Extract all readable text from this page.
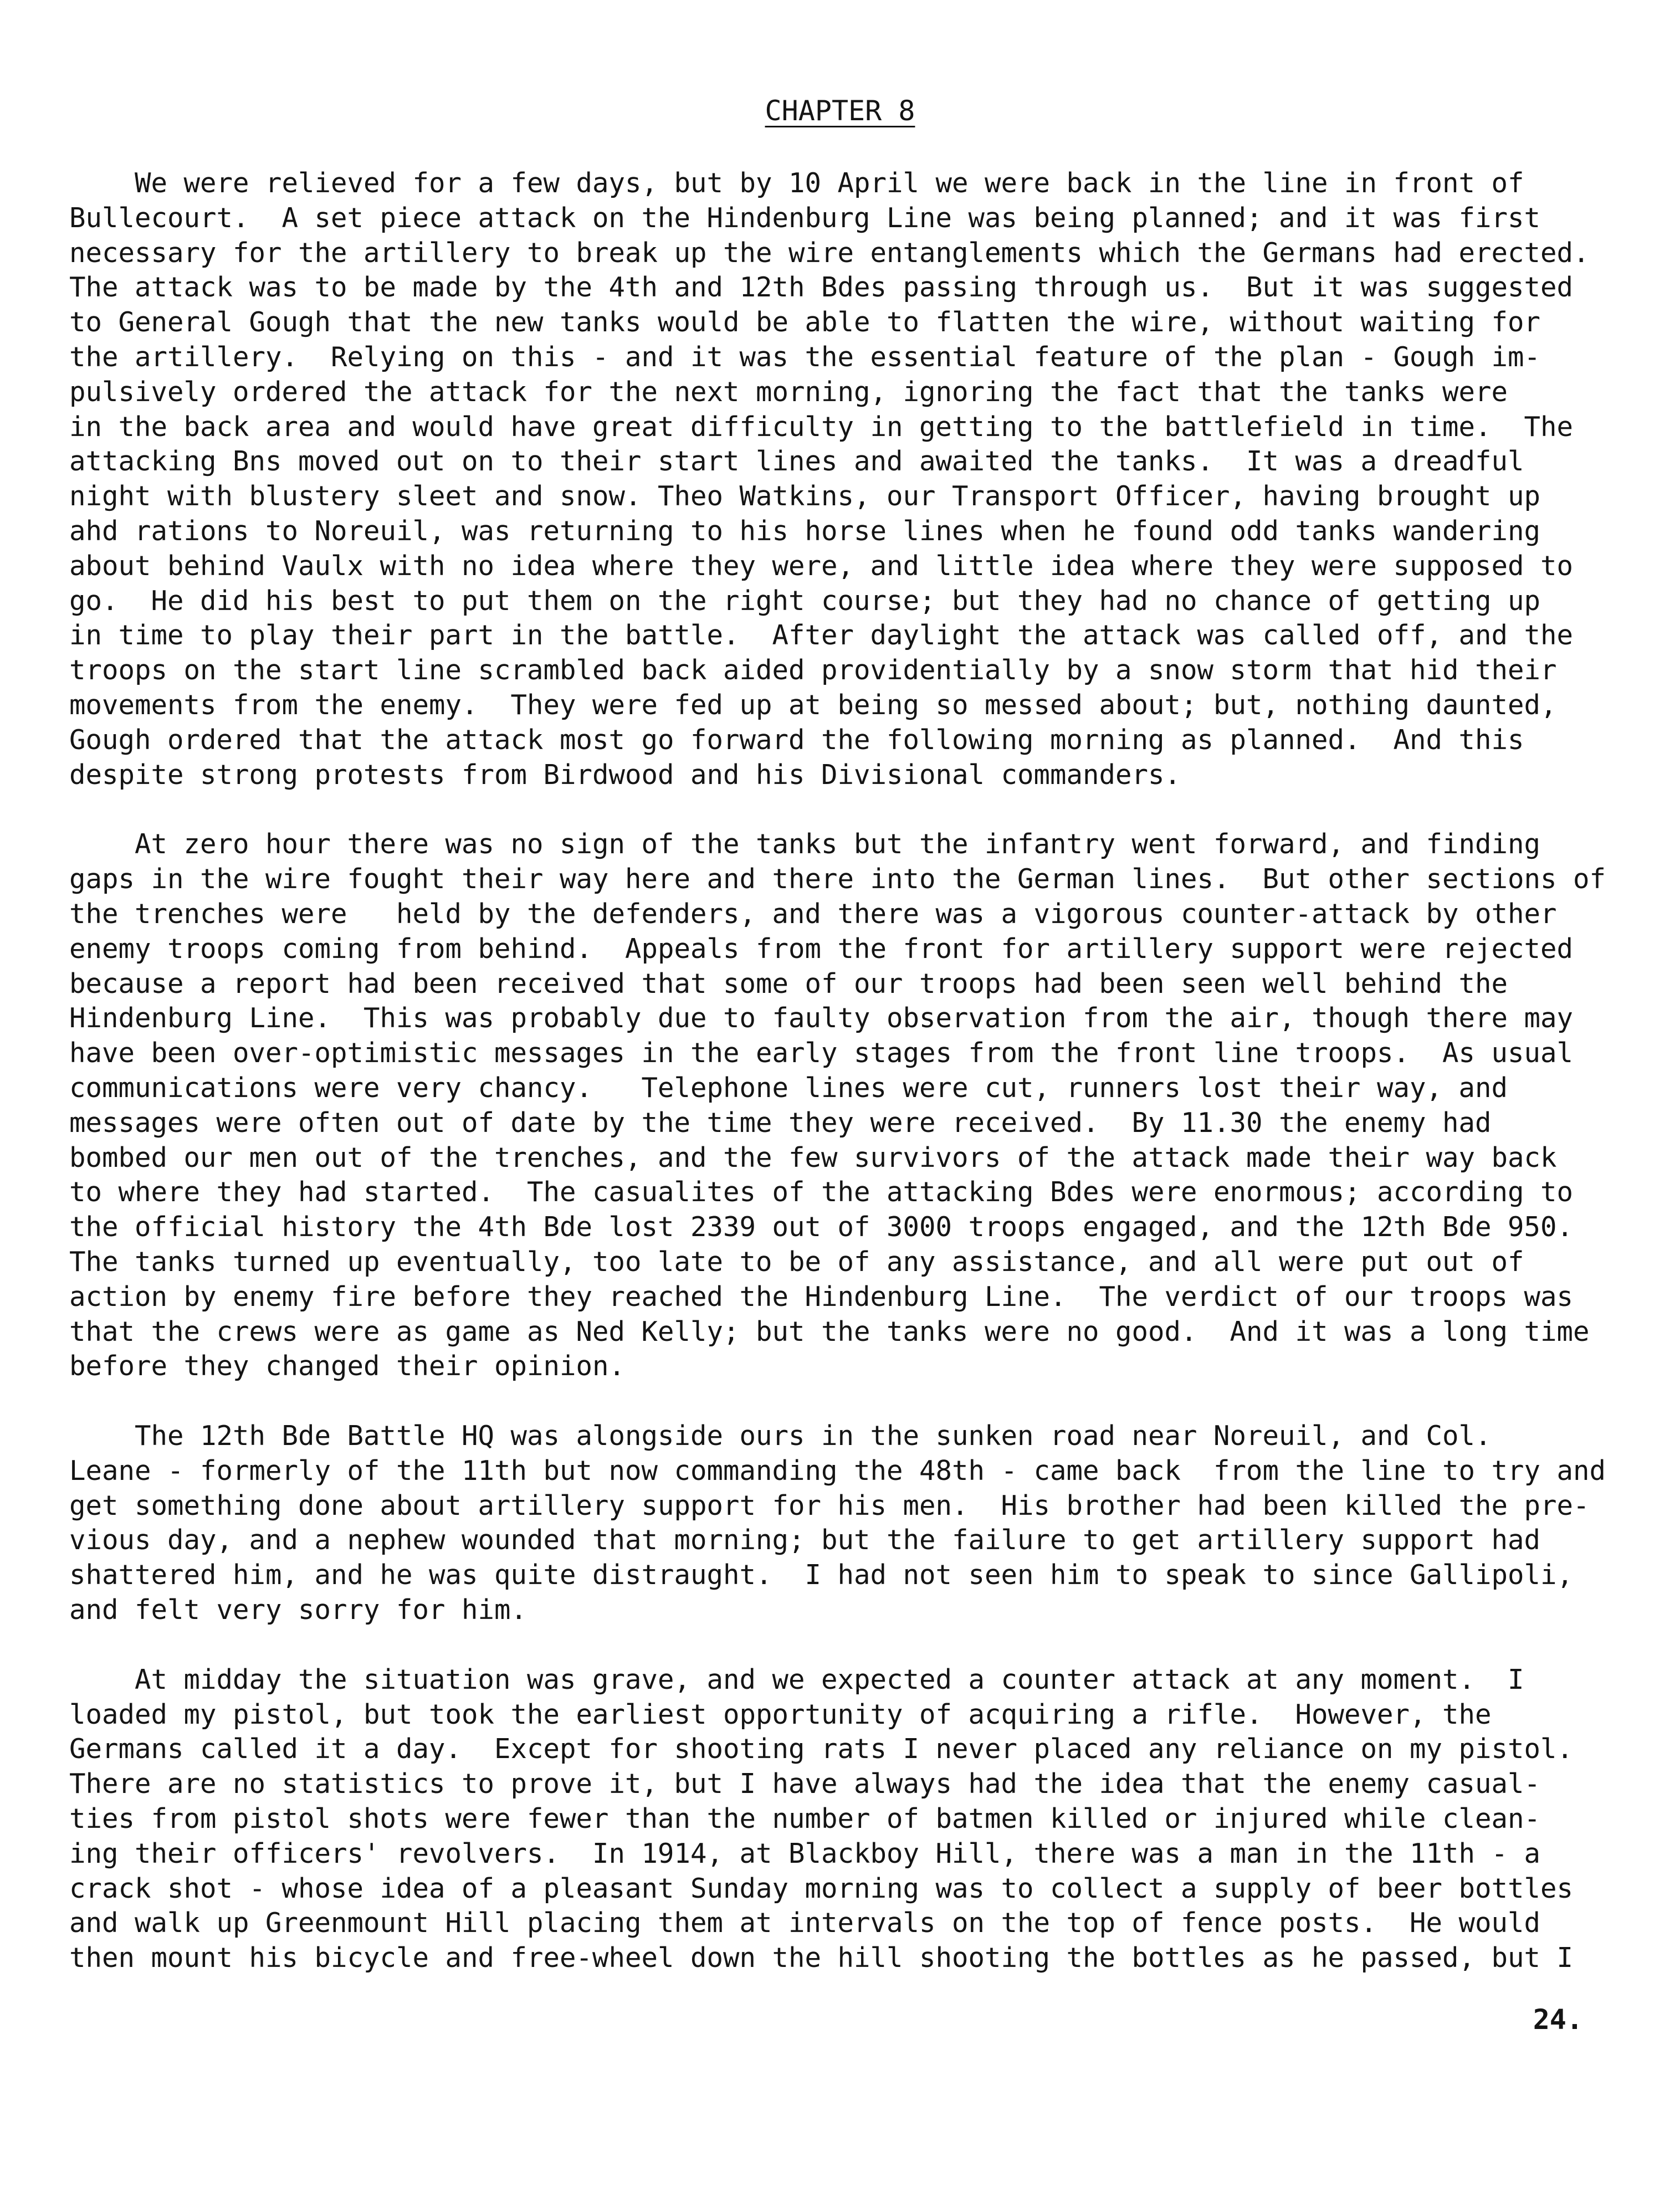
CHAPTER 8
We were relieved for a few days, but by 10 April we were back in the line in front of
Bullecourt.  A set piece attack on the Hindenburg Line was being planned; and it was first
necessary for the artillery to break up the wire entanglements which the Germans had erected.
The attack was to be made by the 4th and 12th Bdes passing through us.  But it was suggested
to General Gough that the new tanks would be able to flatten the wire, without waiting for
the artillery.  Relying on this - and it was the essential feature of the plan - Gough im-
pulsively ordered the attack for the next morning, ignoring the fact that the tanks were
in the back area and would have great difficulty in getting to the battlefield in time.  The
attacking Bns moved out on to their start lines and awaited the tanks.  It was a dreadful
night with blustery sleet and snow. Theo Watkins, our Transport Officer, having brought up
ahd rations to Noreuil, was returning to his horse lines when he found odd tanks wandering
about behind Vaulx with no idea where they were, and little idea where they were supposed to
go.  He did his best to put them on the right course; but they had no chance of getting up
in time to play their part in the battle.  After daylight the attack was called off, and the
troops on the start line scrambled back aided providentially by a snow storm that hid their
movements from the enemy.  They were fed up at being so messed about; but, nothing daunted,
Gough ordered that the attack most go forward the following morning as planned.  And this
despite strong protests from Birdwood and his Divisional commanders.
At zero hour there was no sign of the tanks but the infantry went forward, and finding
gaps in the wire fought their way here and there into the German lines.  But other sections of
the trenches were   held by the defenders, and there was a vigorous counter-attack by other
enemy troops coming from behind.  Appeals from the front for artillery support were rejected
because a report had been received that some of our troops had been seen well behind the
Hindenburg Line.  This was probably due to faulty observation from the air, though there may
have been over-optimistic messages in the early stages from the front line troops.  As usual
communications were very chancy.   Telephone lines were cut, runners lost their way, and
messages were often out of date by the time they were received.  By 11.30 the enemy had
bombed our men out of the trenches, and the few survivors of the attack made their way back
to where they had started.  The casualites of the attacking Bdes were enormous; according to
the official history the 4th Bde lost 2339 out of 3000 troops engaged, and the 12th Bde 950.
The tanks turned up eventually, too late to be of any assistance, and all were put out of
action by enemy fire before they reached the Hindenburg Line.  The verdict of our troops was
that the crews were as game as Ned Kelly; but the tanks were no good.  And it was a long time
before they changed their opinion.
The 12th Bde Battle HQ was alongside ours in the sunken road near Noreuil, and Col.
Leane - formerly of the 11th but now commanding the 48th - came back  from the line to try and
get something done about artillery support for his men.  His brother had been killed the pre-
vious day, and a nephew wounded that morning; but the failure to get artillery support had
shattered him, and he was quite distraught.  I had not seen him to speak to since Gallipoli,
and felt very sorry for him.
At midday the situation was grave, and we expected a counter attack at any moment.  I
loaded my pistol, but took the earliest opportunity of acquiring a rifle.  However, the
Germans called it a day.  Except for shooting rats I never placed any reliance on my pistol.
There are no statistics to prove it, but I have always had the idea that the enemy casual-
ties from pistol shots were fewer than the number of batmen killed or injured while clean-
ing their officers' revolvers.  In 1914, at Blackboy Hill, there was a man in the 11th - a
crack shot - whose idea of a pleasant Sunday morning was to collect a supply of beer bottles
and walk up Greenmount Hill placing them at intervals on the top of fence posts.  He would
then mount his bicycle and free-wheel down the hill shooting the bottles as he passed, but I
24.
